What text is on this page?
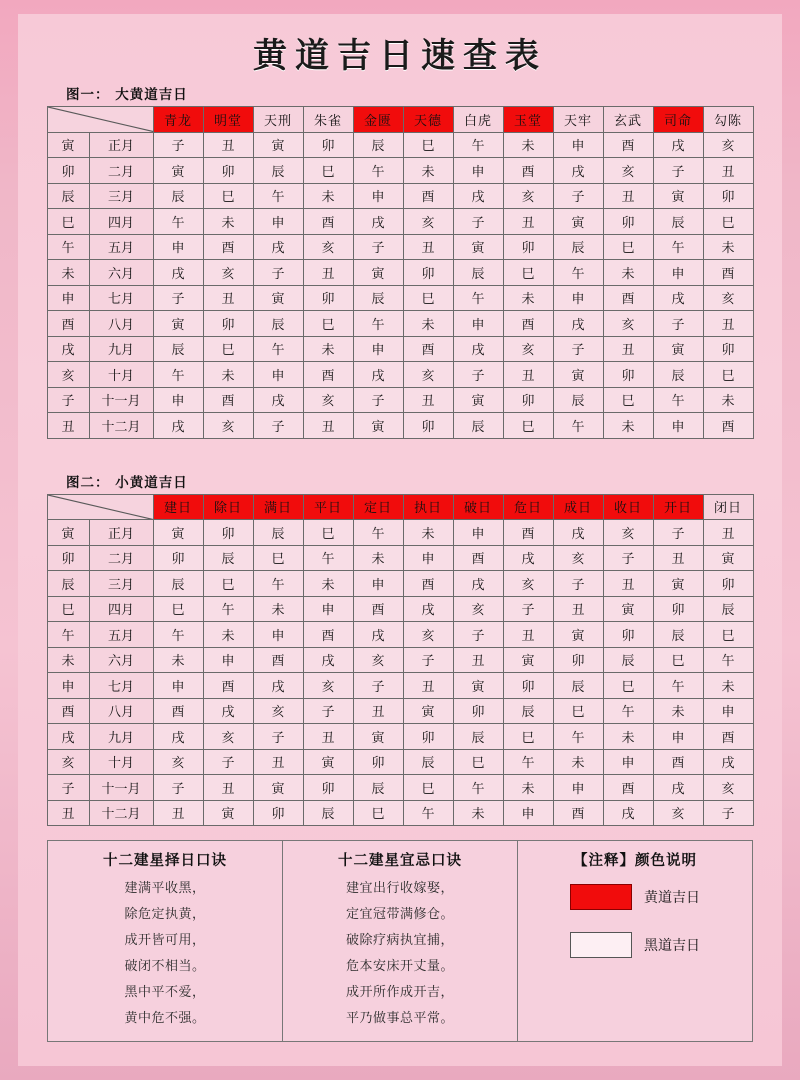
黄道吉日速查表
图一： 大黄道吉日
	青龙	明堂	天刑	朱雀	金匮	天德	白虎	玉堂	天牢	玄武	司命	勾陈
寅	正月	子	丑	寅	卯	辰	巳	午	未	申	酉	戌	亥
卯	二月	寅	卯	辰	巳	午	未	申	酉	戌	亥	子	丑
辰	三月	辰	巳	午	未	申	酉	戌	亥	子	丑	寅	卯
巳	四月	午	未	申	酉	戌	亥	子	丑	寅	卯	辰	巳
午	五月	申	酉	戌	亥	子	丑	寅	卯	辰	巳	午	未
未	六月	戌	亥	子	丑	寅	卯	辰	巳	午	未	申	酉
申	七月	子	丑	寅	卯	辰	巳	午	未	申	酉	戌	亥
酉	八月	寅	卯	辰	巳	午	未	申	酉	戌	亥	子	丑
戌	九月	辰	巳	午	未	申	酉	戌	亥	子	丑	寅	卯
亥	十月	午	未	申	酉	戌	亥	子	丑	寅	卯	辰	巳
子	十一月	申	酉	戌	亥	子	丑	寅	卯	辰	巳	午	未
丑	十二月	戌	亥	子	丑	寅	卯	辰	巳	午	未	申	酉
图二： 小黄道吉日
	建日	除日	满日	平日	定日	执日	破日	危日	成日	收日	开日	闭日
寅	正月	寅	卯	辰	巳	午	未	申	酉	戌	亥	子	丑
卯	二月	卯	辰	巳	午	未	申	酉	戌	亥	子	丑	寅
辰	三月	辰	巳	午	未	申	酉	戌	亥	子	丑	寅	卯
巳	四月	巳	午	未	申	酉	戌	亥	子	丑	寅	卯	辰
午	五月	午	未	申	酉	戌	亥	子	丑	寅	卯	辰	巳
未	六月	未	申	酉	戌	亥	子	丑	寅	卯	辰	巳	午
申	七月	申	酉	戌	亥	子	丑	寅	卯	辰	巳	午	未
酉	八月	酉	戌	亥	子	丑	寅	卯	辰	巳	午	未	申
戌	九月	戌	亥	子	丑	寅	卯	辰	巳	午	未	申	酉
亥	十月	亥	子	丑	寅	卯	辰	巳	午	未	申	酉	戌
子	十一月	子	丑	寅	卯	辰	巳	午	未	申	酉	戌	亥
丑	十二月	丑	寅	卯	辰	巳	午	未	申	酉	戌	亥	子
十二建星择日口诀

建满平收黑，

除危定执黄，

成开皆可用，

破闭不相当。

黑中平不爱，

黄中危不强。

十二建星宜忌口诀

建宜出行收嫁娶，

定宜冠带满修仓。

破除疗病执宜捕，

危本安床开丈量。

成开所作成开吉，

平乃做事总平常。

【注释】颜色说明
黄道吉日
黑道吉日
